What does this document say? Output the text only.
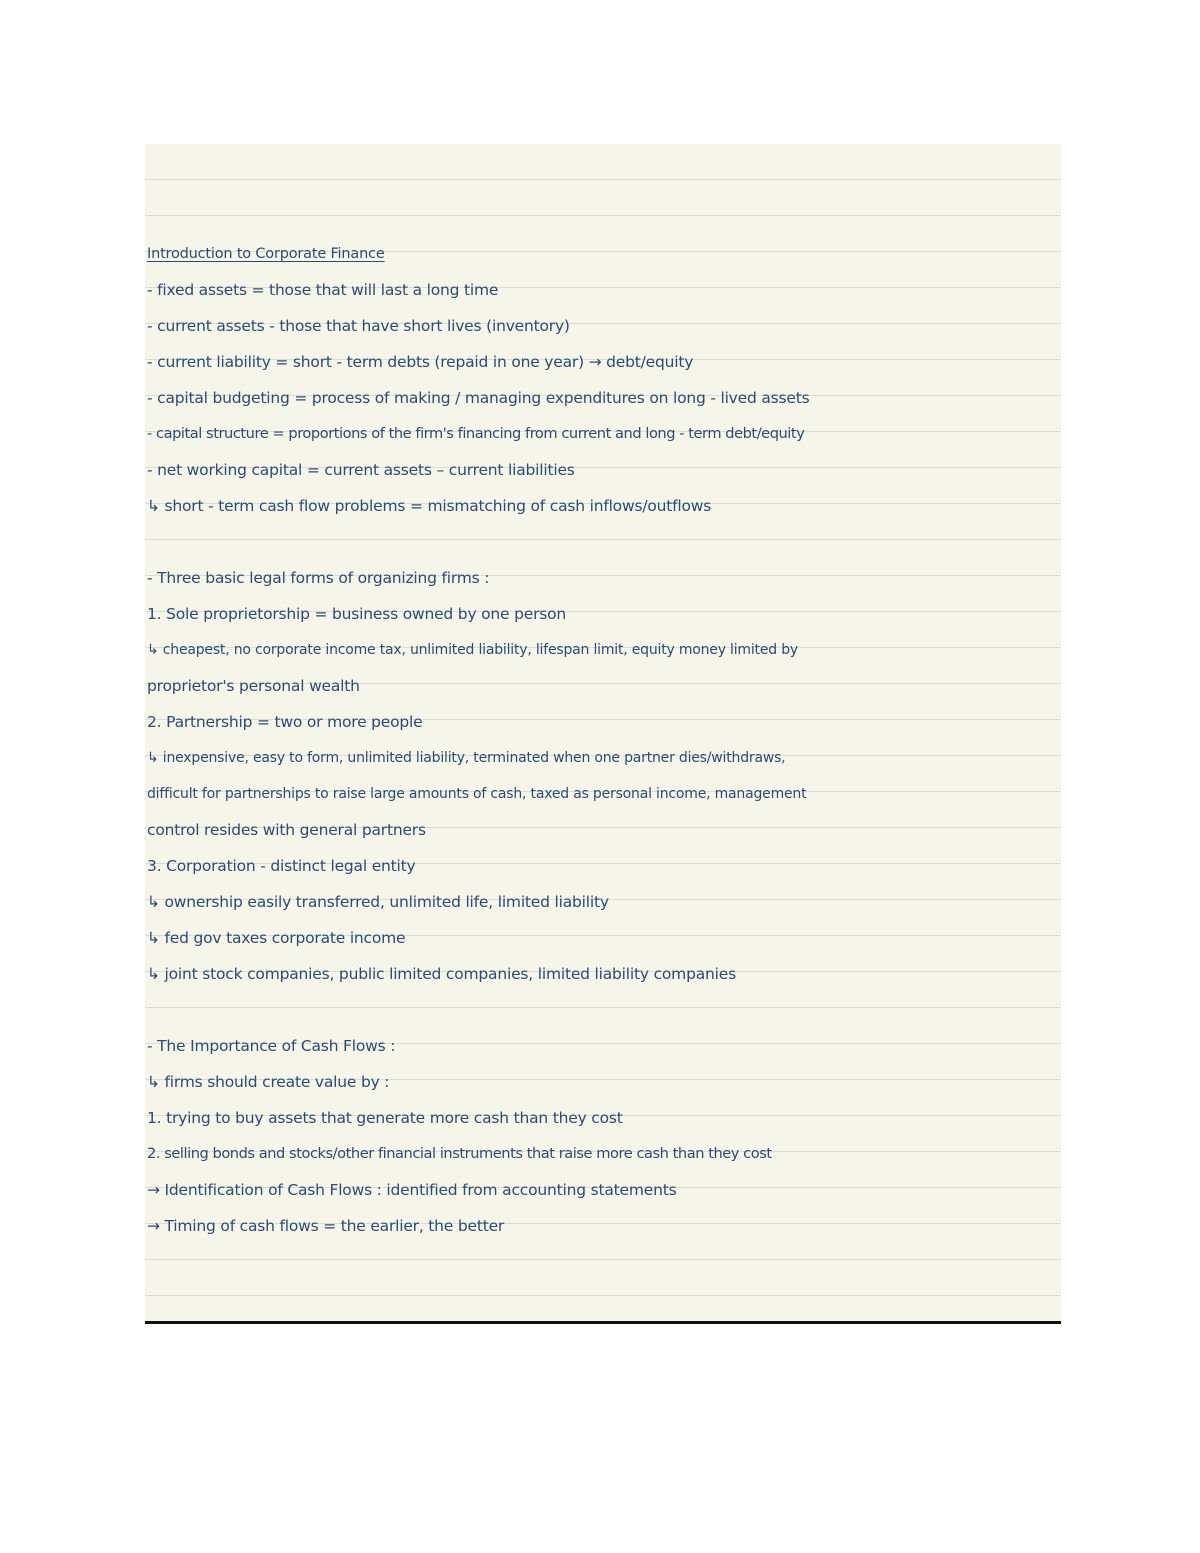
Introduction to Corporate Finance
- fixed assets = those that will last a long time
- current assets - those that have short lives (inventory)
- current liability = short - term debts (repaid in one year) → debt/equity
- capital budgeting = process of making / managing expenditures on long - lived assets
- capital structure = proportions of the firm's financing from current and long - term debt/equity
- net working capital = current assets – current liabilities
↳ short - term cash flow problems = mismatching of cash inflows/outflows
- Three basic legal forms of organizing firms :
1. Sole proprietorship = business owned by one person
↳ cheapest, no corporate income tax, unlimited liability, lifespan limit, equity money limited by
proprietor's personal wealth
2. Partnership = two or more people
↳ inexpensive, easy to form, unlimited liability, terminated when one partner dies/withdraws,
difficult for partnerships to raise large amounts of cash, taxed as personal income, management
control resides with general partners
3. Corporation - distinct legal entity
↳ ownership easily transferred, unlimited life, limited liability
↳ fed gov taxes corporate income
↳ joint stock companies, public limited companies, limited liability companies
- The Importance of Cash Flows :
↳ firms should create value by :
1. trying to buy assets that generate more cash than they cost
2. selling bonds and stocks/other financial instruments that raise more cash than they cost
→ Identification of Cash Flows : identified from accounting statements
→ Timing of cash flows = the earlier, the better
